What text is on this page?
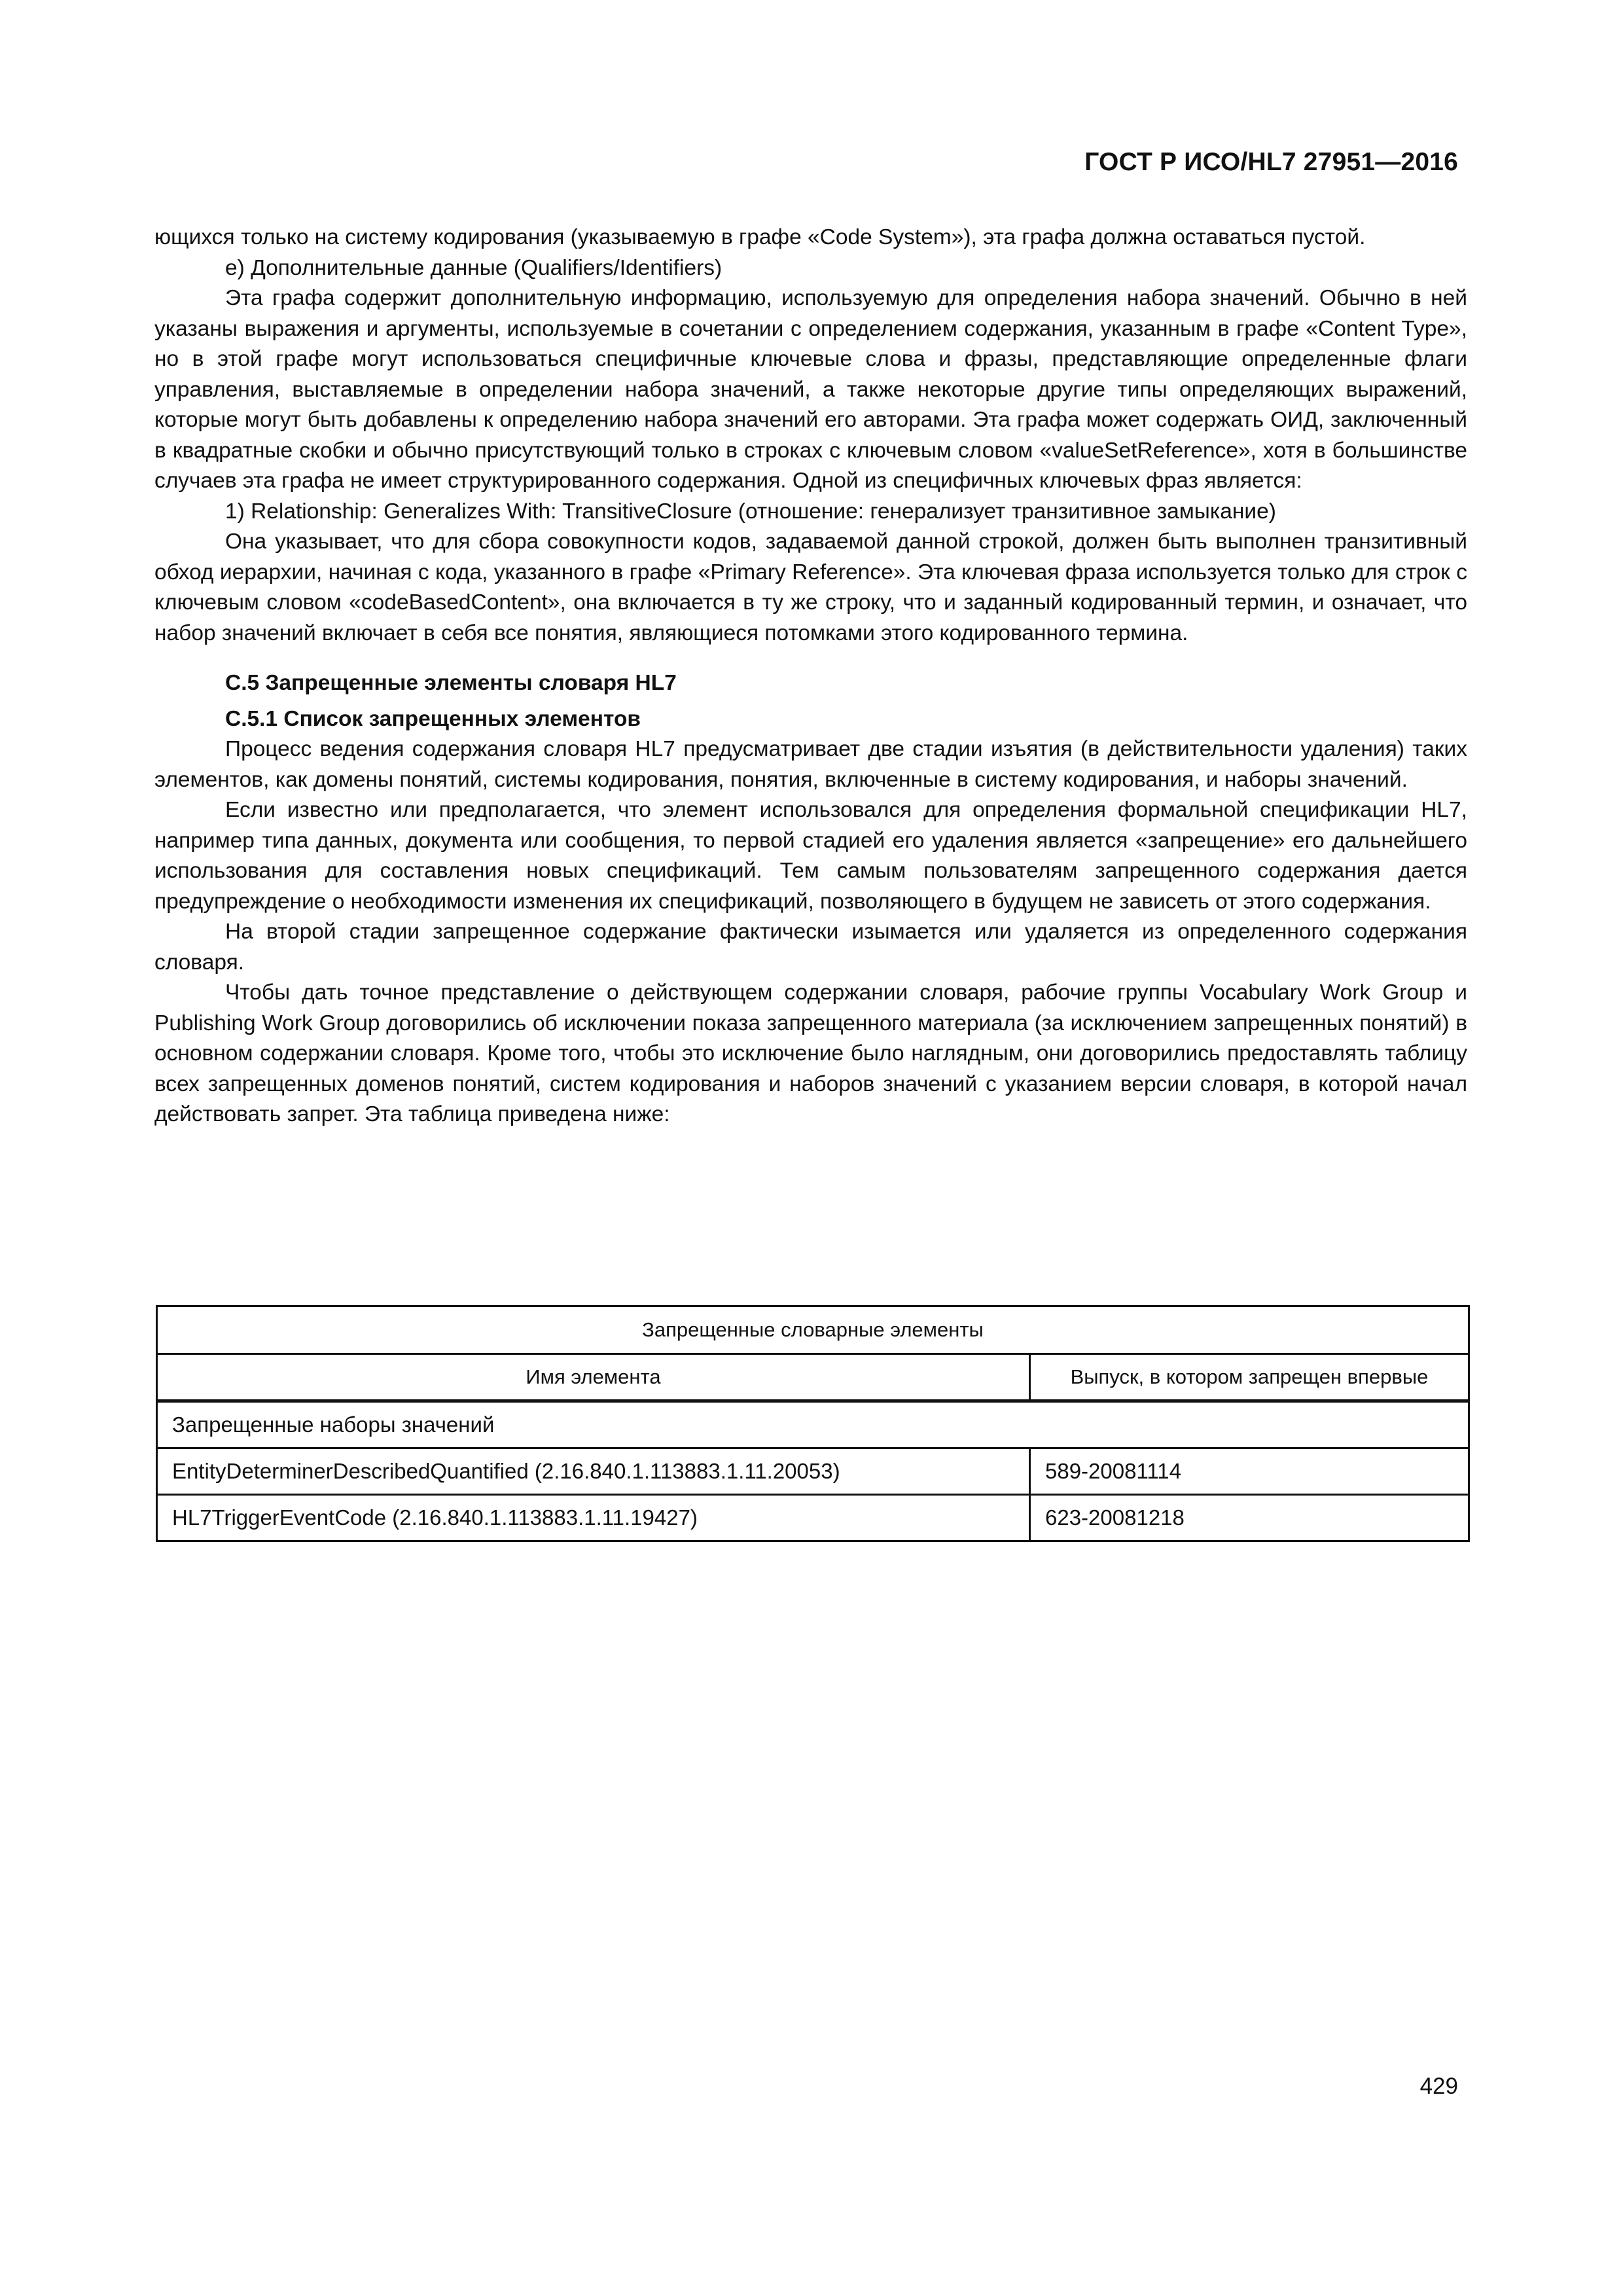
ГОСТ Р ИСО/HL7 27951—2016

ющихся только на систему кодирования (указываемую в графе «Code System»), эта графа должна оставаться пустой.

e) Дополнительные данные (Qualifiers/Identifiers)

Эта графа содержит дополнительную информацию, используемую для определения набора значений. Обычно в ней указаны выражения и аргументы, используемые в сочетании с определением содержания, указанным в графе «Content Type», но в этой графе могут использоваться специфичные ключевые слова и фразы, представляющие определенные флаги управления, выставляемые в определении набора значений, а также некоторые другие типы определяющих выражений, которые могут быть добавлены к определению набора значений его авторами. Эта графа может содержать ОИД, заключенный в квадратные скобки и обычно присутствующий только в строках с ключевым словом «valueSetReference», хотя в большинстве случаев эта графа не имеет структурированного содержания. Одной из специфичных ключевых фраз является:

1) Relationship: Generalizes With: TransitiveClosure (отношение: генерализует транзитивное замыкание)

Она указывает, что для сбора совокупности кодов, задаваемой данной строкой, должен быть выполнен транзитивный обход иерархии, начиная с кода, указанного в графе «Primary Reference». Эта ключевая фраза используется только для строк с ключевым словом «codeBasedContent», она включается в ту же строку, что и заданный кодированный термин, и означает, что набор значений включает в себя все понятия, являющиеся потомками этого кодированного термина.

С.5 Запрещенные элементы словаря HL7

С.5.1 Список запрещенных элементов

Процесс ведения содержания словаря HL7 предусматривает две стадии изъятия (в действительности удаления) таких элементов, как домены понятий, системы кодирования, понятия, включенные в систему кодирования, и наборы значений.

Если известно или предполагается, что элемент использовался для определения формальной спецификации HL7, например типа данных, документа или сообщения, то первой стадией его удаления является «запрещение» его дальнейшего использования для составления новых спецификаций. Тем самым пользователям запрещенного содержания дается предупреждение о необходимости изменения их спецификаций, позволяющего в будущем не зависеть от этого содержания.

На второй стадии запрещенное содержание фактически изымается или удаляется из определенного содержания словаря.

Чтобы дать точное представление о действующем содержании словаря, рабочие группы Vocabulary Work Group и Publishing Work Group договорились об исключении показа запрещенного материала (за исключением запрещенных понятий) в основном содержании словаря. Кроме того, чтобы это исключение было наглядным, они договорились предоставлять таблицу всех запрещенных доменов понятий, систем кодирования и наборов значений с указанием версии словаря, в которой начал действовать запрет. Эта таблица приведена ниже:

Запрещенные словарные элементы	
Имя элемента	Выпуск, в котором запрещен впервые
Запрещенные наборы значений	
EntityDeterminerDescribedQuantified (2.16.840.1.113883.1.11.20053)	589-20081114
HL7TriggerEventCode (2.16.840.1.113883.1.11.19427)	623-20081218
429
